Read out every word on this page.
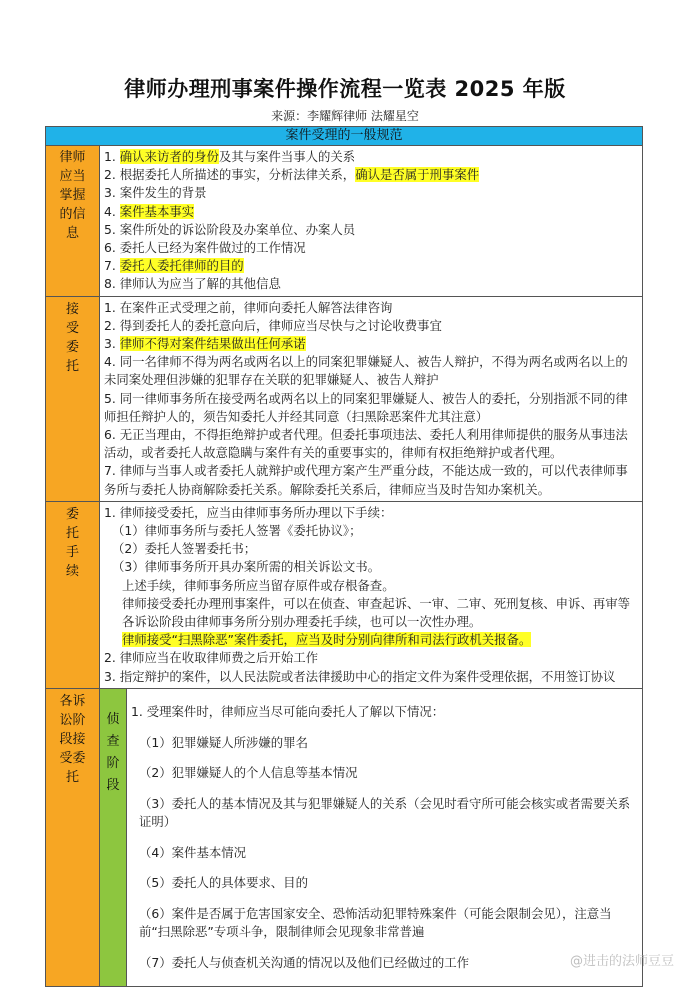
律师办理刑事案件操作流程一览表 2025 年版
来源：李耀辉律师 法耀星空
案件受理的一般规范
律师
应当
掌握
的信
息

1. 确认来访者的身份及其与案件当事人的关系

2. 根据委托人所描述的事实，分析法律关系，确认是否属于刑事案件

3. 案件发生的背景

4. 案件基本事实

5. 案件所处的诉讼阶段及办案单位、办案人员

6. 委托人已经为案件做过的工作情况

7. 委托人委托律师的目的

8. 律师认为应当了解的其他信息

接
受
委
托

1. 在案件正式受理之前，律师向委托人解答法律咨询

2. 得到委托人的委托意向后，律师应当尽快与之讨论收费事宜

3. 律师不得对案件结果做出任何承诺

4. 同一名律师不得为两名或两名以上的同案犯罪嫌疑人、被告人辩护，不得为两名或两名以上的未同案处理但涉嫌的犯罪存在关联的犯罪嫌疑人、被告人辩护

5. 同一律师事务所在接受两名或两名以上的同案犯罪嫌疑人、被告人的委托，分别指派不同的律师担任辩护人的，须告知委托人并经其同意（扫黑除恶案件尤其注意）

6. 无正当理由，不得拒绝辩护或者代理。但委托事项违法、委托人利用律师提供的服务从事违法活动，或者委托人故意隐瞒与案件有关的重要事实的，律师有权拒绝辩护或者代理。

7. 律师与当事人或者委托人就辩护或代理方案产生严重分歧，不能达成一致的，可以代表律师事务所与委托人协商解除委托关系。解除委托关系后，律师应当及时告知办案机关。

委
托
手
续

1. 律师接受委托，应当由律师事务所办理以下手续：

（1）律师事务所与委托人签署《委托协议》；

（2）委托人签署委托书；

（3）律师事务所开具办案所需的相关诉讼文书。

上述手续，律师事务所应当留存原件或存根备查。

律师接受委托办理刑事案件，可以在侦查、审查起诉、一审、二审、死刑复核、申诉、再审等各诉讼阶段由律师事务所分别办理委托手续，也可以一次性办理。

律师接受“扫黑除恶”案件委托，应当及时分别向律所和司法行政机关报备。

2. 律师应当在收取律师费之后开始工作

3. 指定辩护的案件，以人民法院或者法律援助中心的指定文件为案件受理依据，不用签订协议

各诉
讼阶
段接
受委
托
侦
查
阶
段

1. 受理案件时，律师应当尽可能向委托人了解以下情况：

（1）犯罪嫌疑人所涉嫌的罪名

（2）犯罪嫌疑人的个人信息等基本情况

（3）委托人的基本情况及其与犯罪嫌疑人的关系（会见时看守所可能会核实或者需要关系证明）

（4）案件基本情况

（5）委托人的具体要求、目的

（6）案件是否属于危害国家安全、恐怖活动犯罪特殊案件（可能会限制会见），注意当前“扫黑除恶”专项斗争，限制律师会见现象非常普遍

（7）委托人与侦查机关沟通的情况以及他们已经做过的工作	@进击的法师豆豆
